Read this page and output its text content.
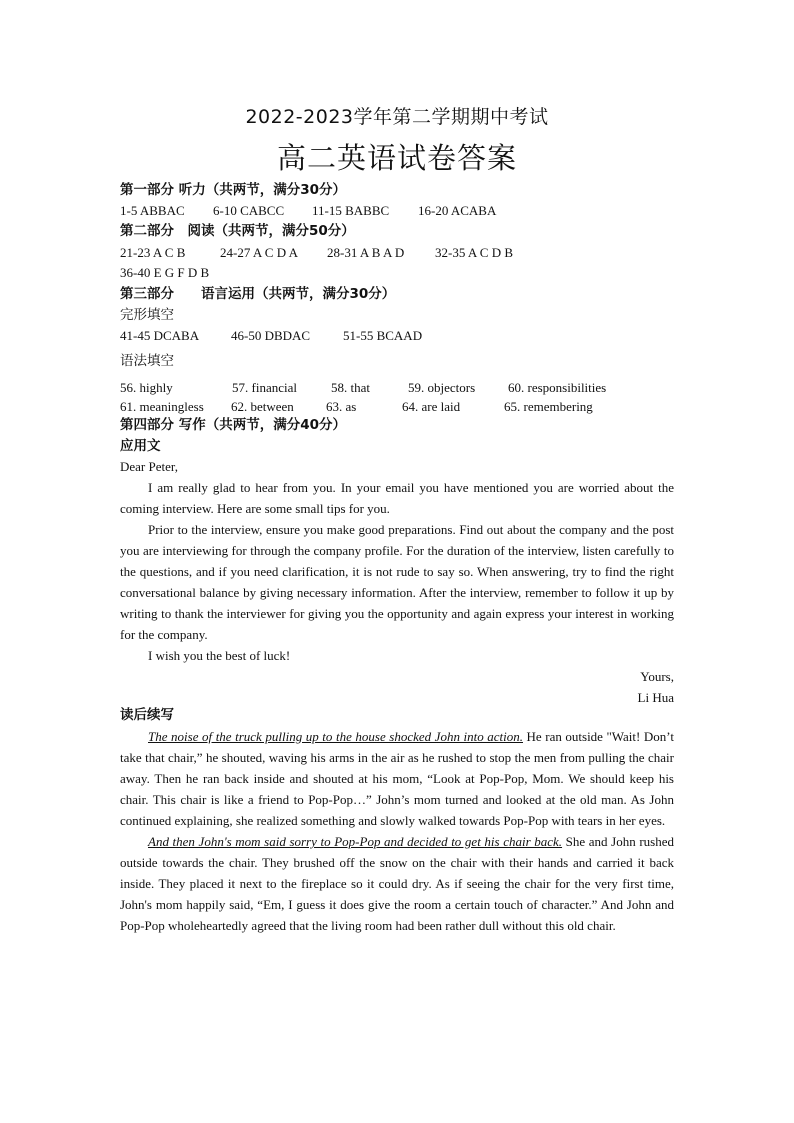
2022-2023学年第二学期期中考试
高二英语试卷答案
第一部分 听力（共两节，满分30分）
1-5 ABBAC 6-10 CABCC 11-15 BABBC 16-20 ACABA
第二部分　阅读（共两节，满分50分）
21-23 A C B	24-27 A C D A 28-31 A B A D 32-35 A C D B
36-40 E G F D B
第三部分　　语言运用（共两节，满分30分）
完形填空
41-45 DCABA 46-50 DBDAC	51-55 BCAAD
语法填空
56. highly	57. financial	58. that	59. objectors	60. responsibilities
61. meaningless 62. between 63. as	64. are laid	65. remembering
第四部分 写作（共两节，满分40分）
应用文

Dear Peter,

I am really glad to hear from you. In your email you have mentioned you are worried about the coming interview. Here are some small tips for you.

Prior to the interview, ensure you make good preparations. Find out about the company and the post you are interviewing for through the company profile. For the duration of the interview, listen carefully to the questions, and if you need clarification, it is not rude to say so. When answering, try to find the right conversational balance by giving necessary information. After the interview, remember to follow it up by writing to thank the interviewer for giving you the opportunity and again express your interest in working for the company.

I wish you the best of luck!

Yours,

Li Hua

读后续写

The noise of the truck pulling up to the house shocked John into action. He ran outside "Wait! Don’t take that chair,” he shouted, waving his arms in the air as he rushed to stop the men from pulling the chair away. Then he ran back inside and shouted at his mom, “Look at Pop-Pop, Mom. We should keep his chair. This chair is like a friend to Pop-Pop…” John’s mom turned and looked at the old man. As John continued explaining, she realized something and slowly walked towards Pop-Pop with tears in her eyes.

And then John's mom said sorry to Pop-Pop and decided to get his chair back. She and John rushed outside towards the chair. They brushed off the snow on the chair with their hands and carried it back inside. They placed it next to the fireplace so it could dry. As if seeing the chair for the very first time, John's mom happily said, “Em, I guess it does give the room a certain touch of character.” And John and Pop-Pop wholeheartedly agreed that the living room had been rather dull without this old chair.
